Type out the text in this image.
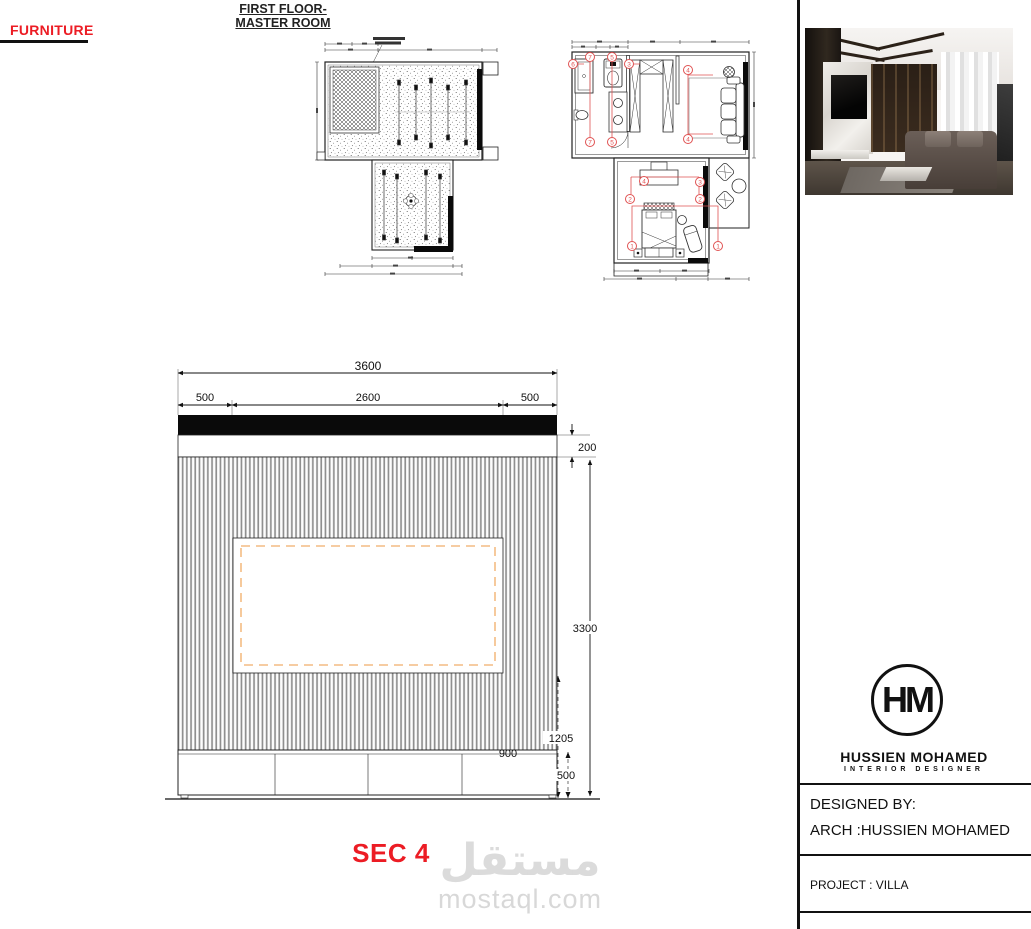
FURNITURE
FIRST FLOOR-
MASTER ROOM
6
7	5
3
4
4
7	5
4	3
2	2
1	1
3600
500	2600	500
200
3300
1205
900
500
SEC 4 مستقل
mostaql.com
HM
HUSSIEN MOHAMED
INTERIOR DESIGNER
DESIGNED BY:
ARCH :HUSSIEN MOHAMED
PROJECT : VILLA
